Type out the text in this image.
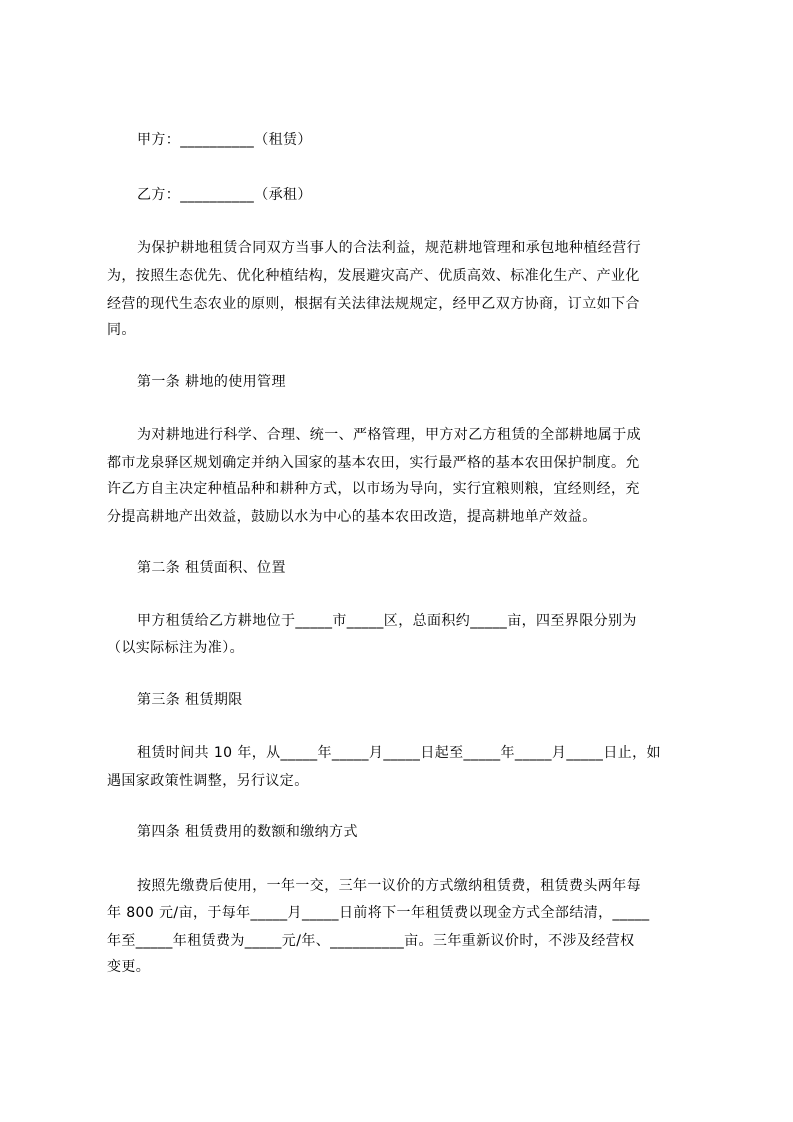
甲方：__________（租赁）
乙方：__________（承租）
为保护耕地租赁合同双方当事人的合法利益，规范耕地管理和承包地种植经营行
为，按照生态优先、优化种植结构，发展避灾高产、优质高效、标准化生产、产业化
经营的现代生态农业的原则，根据有关法律法规规定，经甲乙双方协商，订立如下合
同。
第一条 耕地的使用管理
为对耕地进行科学、合理、统一、严格管理，甲方对乙方租赁的全部耕地属于成
都市龙泉驿区规划确定并纳入国家的基本农田，实行最严格的基本农田保护制度。允
许乙方自主决定种植品种和耕种方式，以市场为导向，实行宜粮则粮，宜经则经，充
分提高耕地产出效益，鼓励以水为中心的基本农田改造，提高耕地单产效益。
第二条 租赁面积、位置
甲方租赁给乙方耕地位于_____市_____区，总面积约_____亩，四至界限分别为
（以实际标注为准）。
第三条 租赁期限
租赁时间共 10 年，从_____年_____月_____日起至_____年_____月_____日止，如
遇国家政策性调整，另行议定。
第四条 租赁费用的数额和缴纳方式
按照先缴费后使用，一年一交，三年一议价的方式缴纳租赁费，租赁费头两年每
年 800 元/亩，于每年_____月_____日前将下一年租赁费以现金方式全部结清，_____
年至_____年租赁费为_____元/年、__________亩。三年重新议价时，不涉及经营权
变更。
